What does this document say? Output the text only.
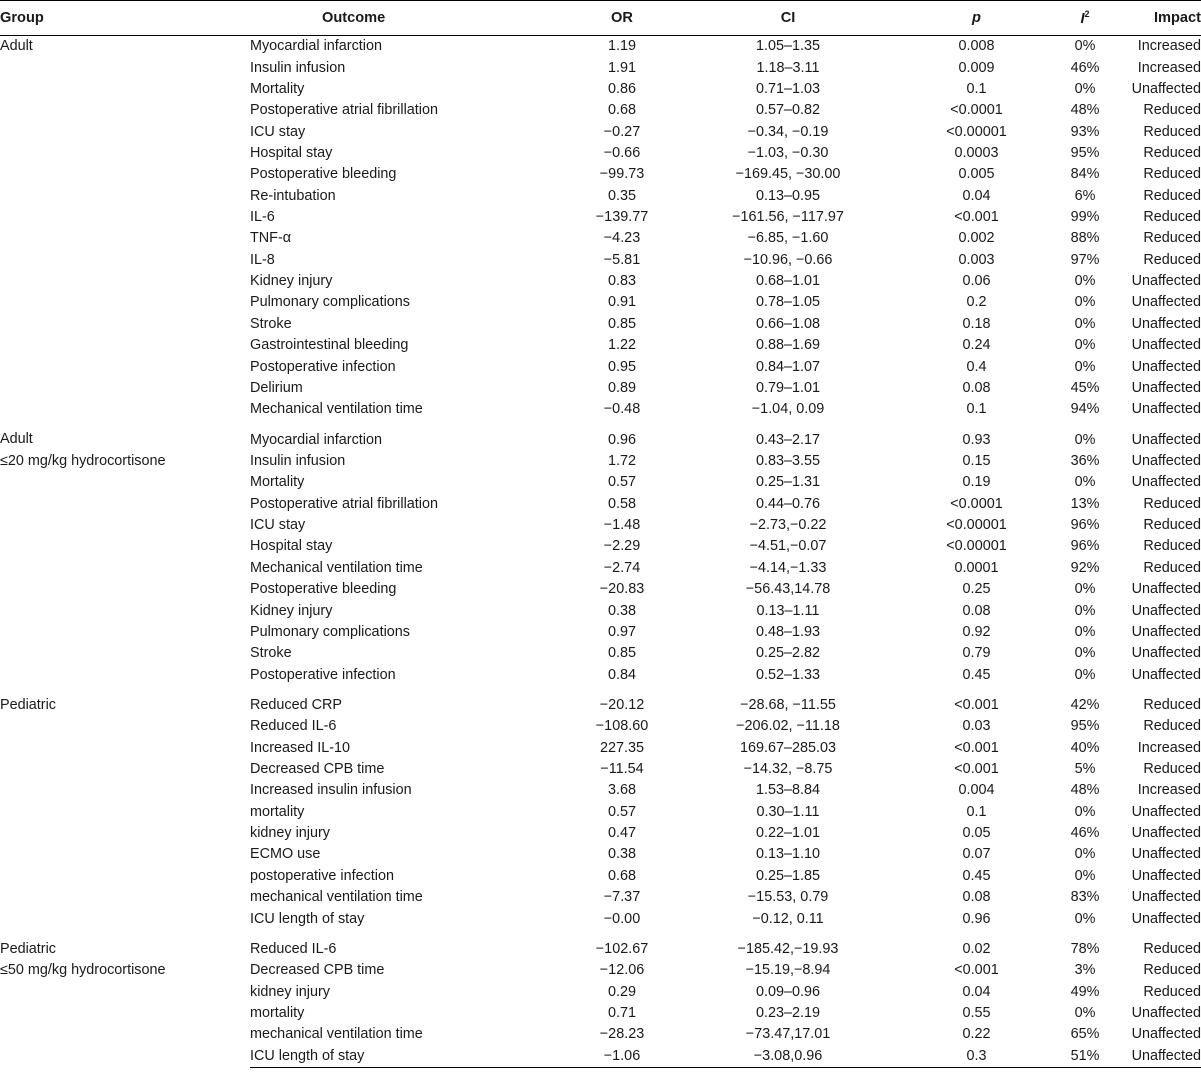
Group	Outcome	OR	CI	p	$I^2$	Impact

Adult	Myocardial infarction	1.19	1.05–1.35	0.008	0%	Increased
	Insulin infusion	1.91	1.18–3.11	0.009	46%	Increased
	Mortality	0.86	0.71–1.03	0.1	0%	Unaffected
	Postoperative atrial fibrillation	0.68	0.57–0.82	<0.0001	48%	Reduced
	ICU stay	−0.27	−0.34, −0.19	<0.00001	93%	Reduced
	Hospital stay	−0.66	−1.03, −0.30	0.0003	95%	Reduced
	Postoperative bleeding	−99.73	−169.45, −30.00	0.005	84%	Reduced
	Re-intubation	0.35	0.13–0.95	0.04	6%	Reduced
	IL-6	−139.77	−161.56, −117.97	<0.001	99%	Reduced
	TNF-α	−4.23	−6.85, −1.60	0.002	88%	Reduced
	IL-8	−5.81	−10.96, −0.66	0.003	97%	Reduced
	Kidney injury	0.83	0.68–1.01	0.06	0%	Unaffected
	Pulmonary complications	0.91	0.78–1.05	0.2	0%	Unaffected
	Stroke	0.85	0.66–1.08	0.18	0%	Unaffected
	Gastrointestinal bleeding	1.22	0.88–1.69	0.24	0%	Unaffected
	Postoperative infection	0.95	0.84–1.07	0.4	0%	Unaffected
	Delirium	0.89	0.79–1.01	0.08	45%	Unaffected
	Mechanical ventilation time	−0.48	−1.04, 0.09	0.1	94%	Unaffected

Adult
≤20 mg/kg hydrocortisone	Myocardial infarction	0.96	0.43–2.17	0.93	0%	Unaffected
	Insulin infusion	1.72	0.83–3.55	0.15	36%	Unaffected
	Mortality	0.57	0.25–1.31	0.19	0%	Unaffected
	Postoperative atrial fibrillation	0.58	0.44–0.76	<0.0001	13%	Reduced
	ICU stay	−1.48	−2.73,−0.22	<0.00001	96%	Reduced
	Hospital stay	−2.29	−4.51,−0.07	<0.00001	96%	Reduced
	Mechanical ventilation time	−2.74	−4.14,−1.33	0.0001	92%	Reduced
	Postoperative bleeding	−20.83	−56.43,14.78	0.25	0%	Unaffected
	Kidney injury	0.38	0.13–1.11	0.08	0%	Unaffected
	Pulmonary complications	0.97	0.48–1.93	0.92	0%	Unaffected
	Stroke	0.85	0.25–2.82	0.79	0%	Unaffected
	Postoperative infection	0.84	0.52–1.33	0.45	0%	Unaffected

Pediatric	Reduced CRP	−20.12	−28.68, −11.55	<0.001	42%	Reduced
	Reduced IL-6	−108.60	−206.02, −11.18	0.03	95%	Reduced
	Increased IL-10	227.35	169.67–285.03	<0.001	40%	Increased
	Decreased CPB time	−11.54	−14.32, −8.75	<0.001	5%	Reduced
	Increased insulin infusion	3.68	1.53–8.84	0.004	48%	Increased
	mortality	0.57	0.30–1.11	0.1	0%	Unaffected
	kidney injury	0.47	0.22–1.01	0.05	46%	Unaffected
	ECMO use	0.38	0.13–1.10	0.07	0%	Unaffected
	postoperative infection	0.68	0.25–1.85	0.45	0%	Unaffected
	mechanical ventilation time	−7.37	−15.53, 0.79	0.08	83%	Unaffected
	ICU length of stay	−0.00	−0.12, 0.11	0.96	0%	Unaffected

Pediatric
≤50 mg/kg hydrocortisone	Reduced IL-6	−102.67	−185.42,−19.93	0.02	78%	Reduced
	Decreased CPB time	−12.06	−15.19,−8.94	<0.001	3%	Reduced
	kidney injury	0.29	0.09–0.96	0.04	49%	Reduced
	mortality	0.71	0.23–2.19	0.55	0%	Unaffected
	mechanical ventilation time	−28.23	−73.47,17.01	0.22	65%	Unaffected
	ICU length of stay	−1.06	−3.08,0.96	0.3	51%	Unaffected
